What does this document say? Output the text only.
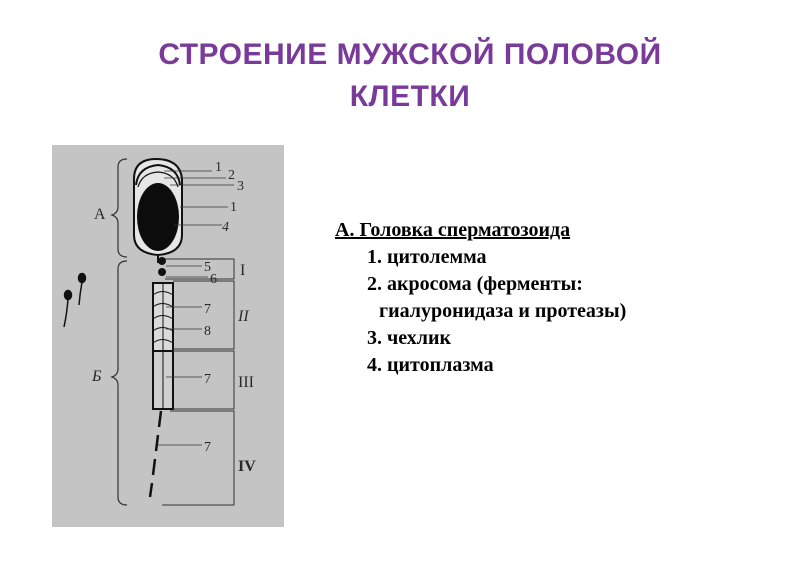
СТРОЕНИЕ МУЖСКОЙ ПОЛОВОЙ
КЛЕТКИ
А
Б
1
2
3
1
4
5
6
7
8
7
7
I
II
III
IV
А. Головка сперматозоида
1. цитолемма
2. акросома (ферменты:
гиалуронидаза и протеазы)
3. чехлик
4. цитоплазма
